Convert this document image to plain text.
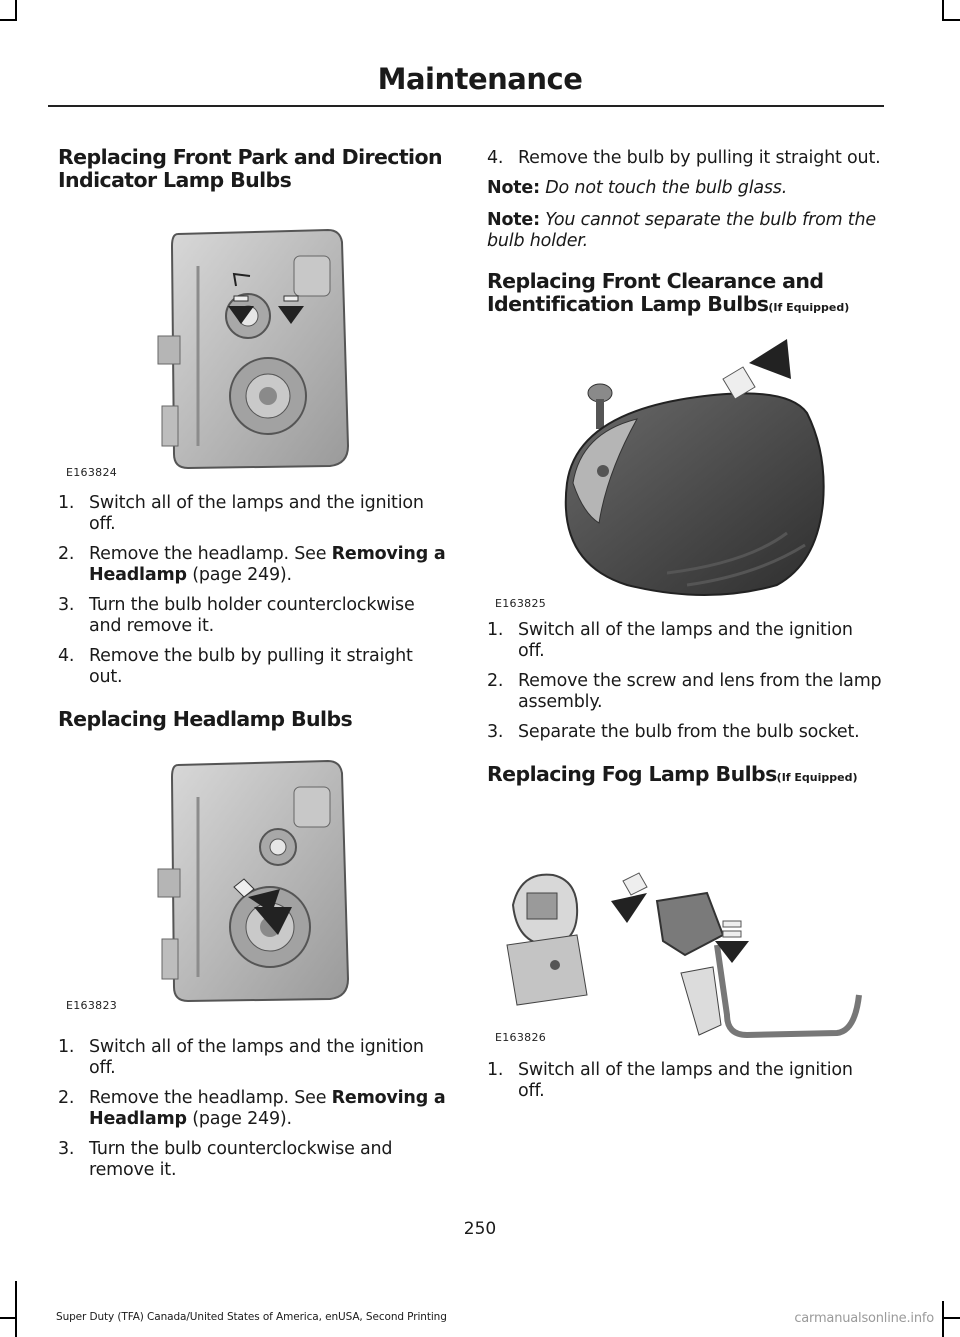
Maintenance
Replacing Front Park and Direction Indicator Lamp Bulbs
E163824
1. Switch all of the lamps and the ignition off.
2. Remove the headlamp. See Removing a Headlamp (page 249).
3. Turn the bulb holder counterclockwise and remove it.
4. Remove the bulb by pulling it straight out.
Replacing Headlamp Bulbs
E163823
1. Switch all of the lamps and the ignition off.
2. Remove the headlamp. See Removing a Headlamp (page 249).
3. Turn the bulb counterclockwise and remove it.
4. Remove the bulb by pulling it straight out.

Note: Do not touch the bulb glass.

Note: You cannot separate the bulb from the bulb holder.

Replacing Front Clearance and Identification Lamp Bulbs(If Equipped)
E163825
1. Switch all of the lamps and the ignition off.
2. Remove the screw and lens from the lamp assembly.
3. Separate the bulb from the bulb socket.
Replacing Fog Lamp Bulbs(If Equipped)
E163826
1. Switch all of the lamps and the ignition off.
250
Super Duty (TFA) Canada/United States of America, enUSA, Second Printing	carmanualsonline.info
